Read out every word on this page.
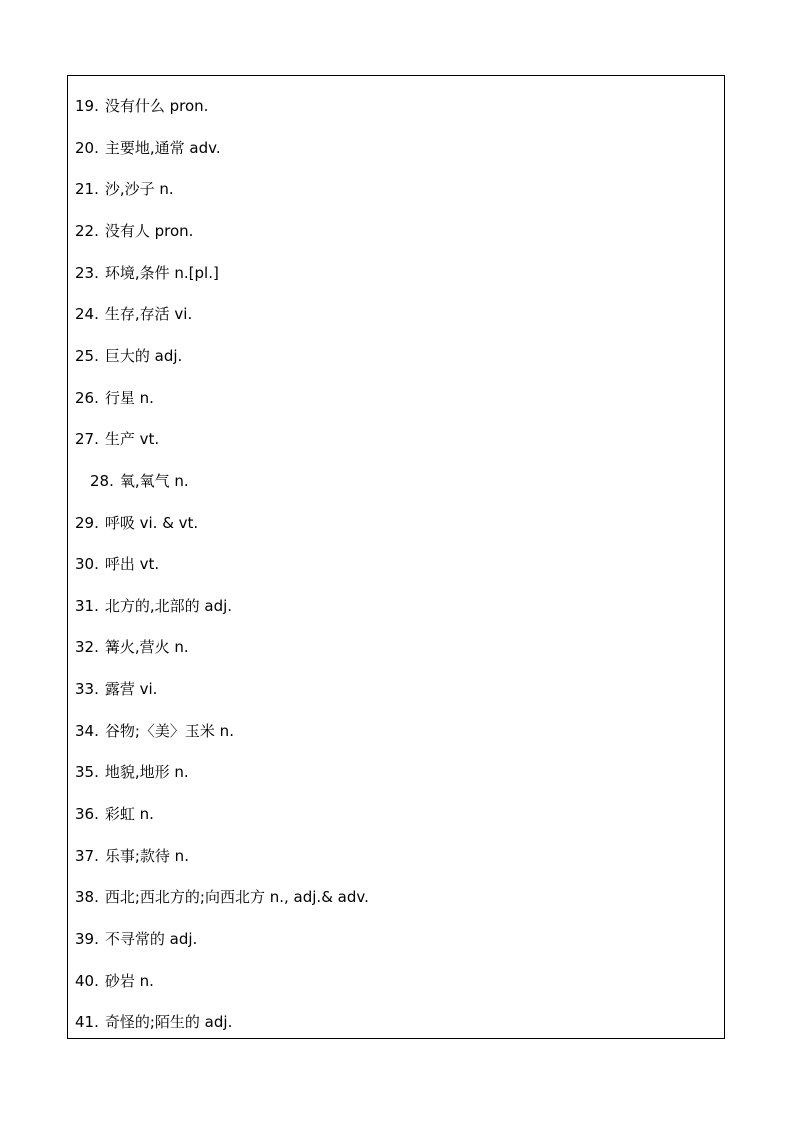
19. 没有什么 pron.
20. 主要地,通常 adv.
21. 沙,沙子 n.
22. 没有人 pron.
23. 环境,条件 n.[pl.]
24. 生存,存活 vi.
25. 巨大的 adj.
26. 行星 n.
27. 生产 vt.
28. 氧,氧气 n.
29. 呼吸 vi. & vt.
30. 呼出 vt.
31. 北方的,北部的 adj.
32. 篝火,营火 n.
33. 露营 vi.
34. 谷物;〈美〉玉米 n.
35. 地貌,地形 n.
36. 彩虹 n.
37. 乐事;款待 n.
38. 西北;西北方的;向西北方 n., adj.& adv.
39. 不寻常的 adj.
40. 砂岩 n.
41. 奇怪的;陌生的 adj.
